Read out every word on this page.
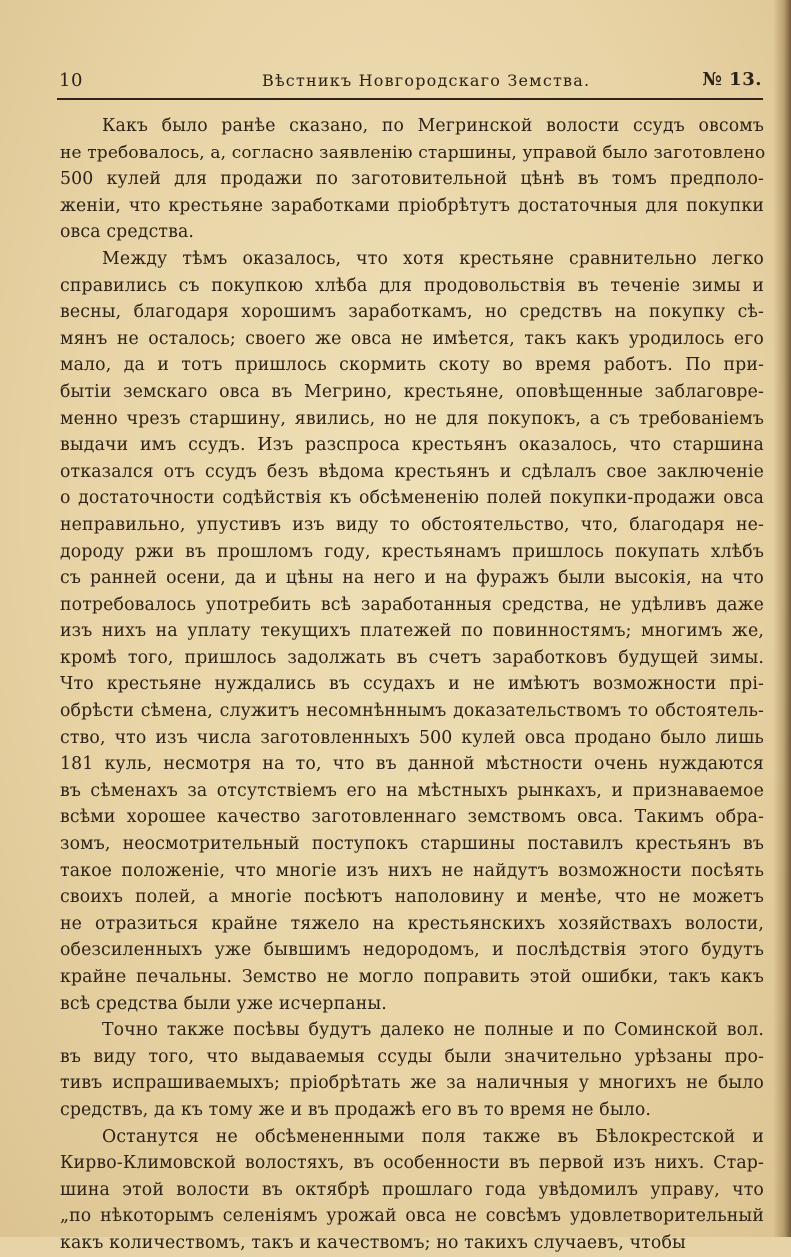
10	Вѣстникъ Новгородскаго Земства.	№ 13.
Какъ было ранѣе сказано, по Мегринской волости ссудъ овсомъ
не требовалось, а, согласно заявленію старшины, управой было заготовлено
500 кулей для продажи по заготовительной цѣнѣ въ томъ предполо-
женіи, что крестьяне заработками пріобрѣтутъ достаточныя для покупки
овса средства.
Между тѣмъ оказалось, что хотя крестьяне сравнительно легко
справились съ покупкою хлѣба для продовольствія въ теченіе зимы и
весны, благодаря хорошимъ заработкамъ, но средствъ на покупку сѣ-
мянъ не осталось; своего же овса не имѣется, такъ какъ уродилось его
мало, да и тотъ пришлось скормить скоту во время работъ. По при-
бытіи земскаго овса въ Мегрино, крестьяне, оповѣщенные заблаговре-
менно чрезъ старшину, явились, но не для покупокъ, а съ требованіемъ
выдачи имъ ссудъ. Изъ разспроса крестьянъ оказалось, что старшина
отказался отъ ссудъ безъ вѣдома крестьянъ и сдѣлалъ свое заключеніе
о достаточности содѣйствія къ обсѣмененію полей покупки-продажи овса
неправильно, упустивъ изъ виду то обстоятельство, что, благодаря не-
дороду ржи въ прошломъ году, крестьянамъ пришлось покупать хлѣбъ
съ ранней осени, да и цѣны на него и на фуражъ были высокія, на что
потребовалось употребить всѣ заработанныя средства, не удѣливъ даже
изъ нихъ на уплату текущихъ платежей по повинностямъ; многимъ же,
кромѣ того, пришлось задолжать въ счетъ заработковъ будущей зимы.
Что крестьяне нуждались въ ссудахъ и не имѣютъ возможности прі-
обрѣсти сѣмена, служитъ несомнѣннымъ доказательствомъ то обстоятель-
ство, что изъ числа заготовленныхъ 500 кулей овса продано было лишь
181 куль, несмотря на то, что въ данной мѣстности очень нуждаются
въ сѣменахъ за отсутствіемъ его на мѣстныхъ рынкахъ, и признаваемое
всѣми хорошее качество заготовленнаго земствомъ овса. Такимъ обра-
зомъ, неосмотрительный поступокъ старшины поставилъ крестьянъ въ
такое положеніе, что многіе изъ нихъ не найдутъ возможности посѣять
своихъ полей, а многіе посѣютъ наполовину и менѣе, что не можетъ
не отразиться крайне тяжело на крестьянскихъ хозяйствахъ волости,
обезсиленныхъ уже бывшимъ недородомъ, и послѣдствія этого будутъ
крайне печальны. Земство не могло поправить этой ошибки, такъ какъ
всѣ средства были уже исчерпаны.
Точно также посѣвы будутъ далеко не полные и по Соминской вол.
въ виду того, что выдаваемыя ссуды были значительно урѣзаны про-
тивъ испрашиваемыхъ; пріобрѣтать же за наличныя у многихъ не было
средствъ, да къ тому же и въ продажѣ его въ то время не было.
Останутся не обсѣмененными поля также въ Бѣлокрестской и
Кирво-Климовской волостяхъ, въ особенности въ первой изъ нихъ. Стар-
шина этой волости въ октябрѣ прошлаго года увѣдомилъ управу, что
„по нѣкоторымъ селеніямъ урожай овса не совсѣмъ удовлетворительный
какъ количествомъ, такъ и качествомъ; но такихъ случаевъ, чтобы
